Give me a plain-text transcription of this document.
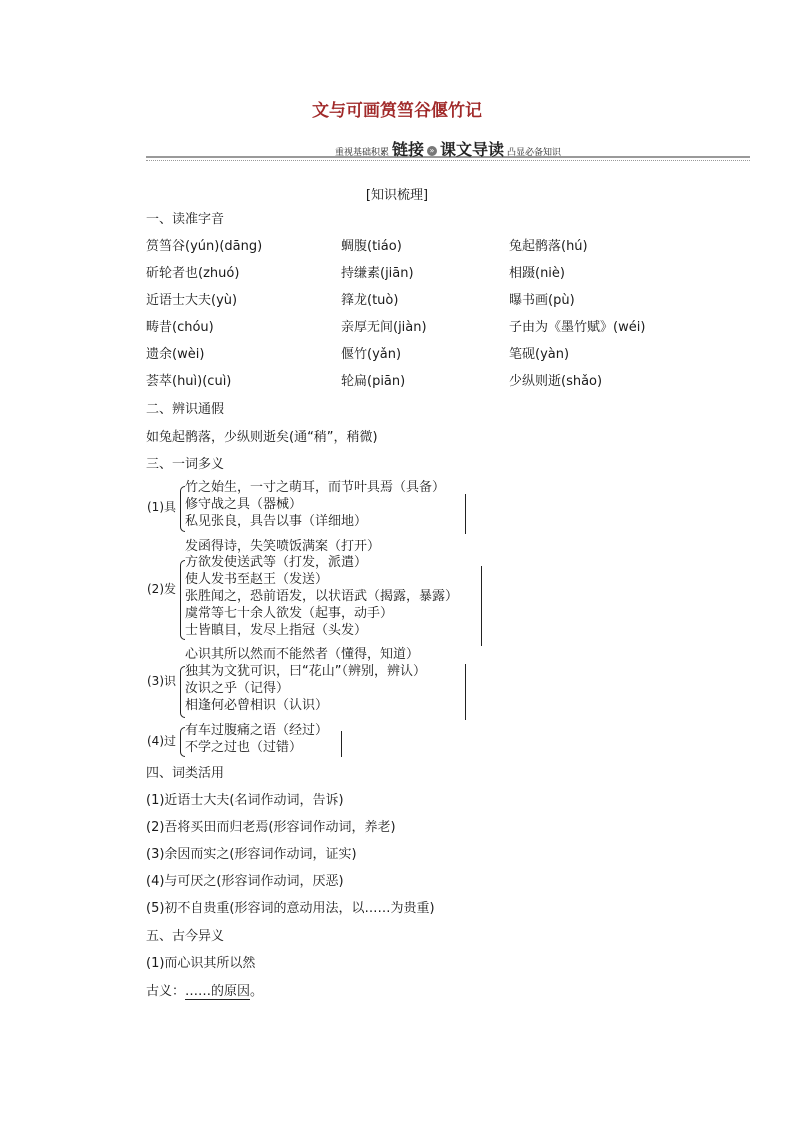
文与可画筼筜谷偃竹记
重视基础积累 链接 » 课文导读 凸显必备知识
[知识梳理]
一、读准字音
筼筜谷(yún)(dāng)	蜩腹(tiáo)	兔起鹘落(hú)
斫轮者也(zhuó)	持缣素(jiān)	相蹑(niè)
近语士大夫(yù)	箨龙(tuò)	曝书画(pù)
畴昔(chóu)	亲厚无间(jiàn)	子由为《墨竹赋》(wéi)
遗余(wèi)	偃竹(yǎn)	笔砚(yàn)
荟萃(huì)(cuì)	轮扁(piān)	少纵则逝(shǎo)
二、辨识通假
如兔起鹘落，少纵则逝矣(通“稍”，稍微)
三、一词多义
(1)具
竹之始生，一寸之萌耳，而节叶具焉（具备）
修守战之具（器械）
私见张良，具告以事（详细地）
(2)发
发函得诗，失笑喷饭满案（打开）
方欲发使送武等（打发，派遣）
使人发书至赵王（发送）
张胜闻之，恐前语发，以状语武（揭露，暴露）
虞常等七十余人欲发（起事，动手）
士皆瞋目，发尽上指冠（头发）
(3)识
心识其所以然而不能然者（懂得，知道）
独其为文犹可识，曰“花山”（辨别，辨认）
汝识之乎（记得）
相逢何必曾相识（认识）
(4)过
有车过腹痛之语（经过）
不学之过也（过错）
四、词类活用
(1)近语士大夫(名词作动词，告诉)
(2)吾将买田而归老焉(形容词作动词，养老)
(3)余因而实之(形容词作动词，证实)
(4)与可厌之(形容词作动词，厌恶)
(5)初不自贵重(形容词的意动用法，以……为贵重)
五、古今异义
(1)而心识其所以然
古义：……的原因。
